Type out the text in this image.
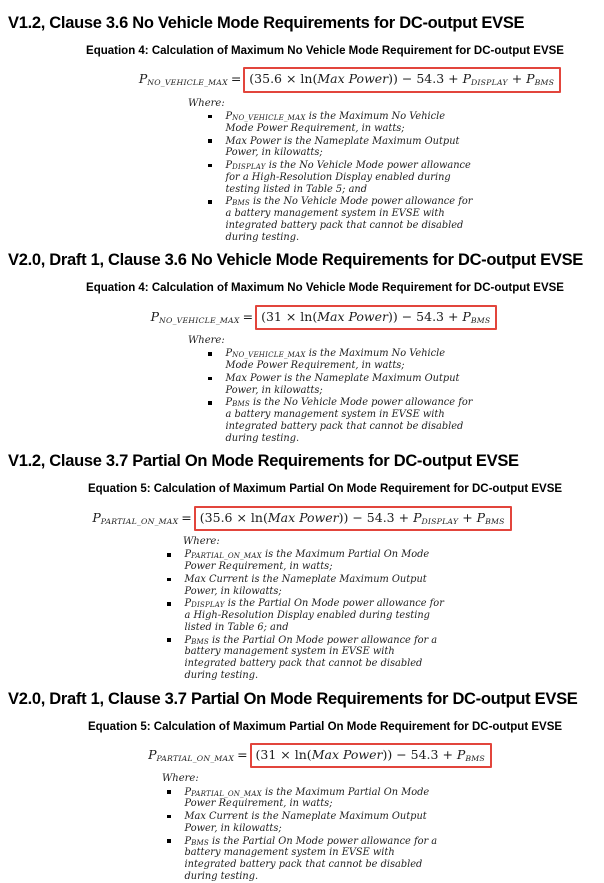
V1.2, Clause 3.6 No Vehicle Mode Requirements for DC-output EVSE
Equation 4: Calculation of Maximum No Vehicle Mode Requirement for DC-output EVSE
PNO_VEHICLE_MAX = (35.6 × ln(Max Power)) − 54.3 + PDISPLAY + PBMS
Where:
PNO_VEHICLE_MAX is the Maximum No Vehicle Mode Power Requirement, in watts;
Max Power is the Nameplate Maximum Output Power, in kilowatts;
PDISPLAY is the No Vehicle Mode power allowance for a High-Resolution Display enabled during testing listed in Table 5; and
PBMS is the No Vehicle Mode power allowance for a battery management system in EVSE with integrated battery pack that cannot be disabled during testing.
V2.0, Draft 1, Clause 3.6 No Vehicle Mode Requirements for DC-output EVSE
Equation 4: Calculation of Maximum No Vehicle Mode Requirement for DC-output EVSE
PNO_VEHICLE_MAX = (31 × ln(Max Power)) − 54.3 + PBMS
Where:
PNO_VEHICLE_MAX is the Maximum No Vehicle Mode Power Requirement, in watts;
Max Power is the Nameplate Maximum Output Power, in kilowatts;
PBMS is the No Vehicle Mode power allowance for a battery management system in EVSE with integrated battery pack that cannot be disabled during testing.
V1.2, Clause 3.7 Partial On Mode Requirements for DC-output EVSE
Equation 5: Calculation of Maximum Partial On Mode Requirement for DC-output EVSE
PPARTIAL_ON_MAX = (35.6 × ln(Max Power)) − 54.3 + PDISPLAY + PBMS
Where:
PPARTIAL_ON_MAX is the Maximum Partial On Mode Power Requirement, in watts;
Max Current is the Nameplate Maximum Output Power, in kilowatts;
PDISPLAY is the Partial On Mode power allowance for a High-Resolution Display enabled during testing listed in Table 6; and
PBMS is the Partial On Mode power allowance for a battery management system in EVSE with integrated battery pack that cannot be disabled during testing.
V2.0, Draft 1, Clause 3.7 Partial On Mode Requirements for DC-output EVSE
Equation 5: Calculation of Maximum Partial On Mode Requirement for DC-output EVSE
PPARTIAL_ON_MAX = (31 × ln(Max Power)) − 54.3 + PBMS
Where:
PPARTIAL_ON_MAX is the Maximum Partial On Mode Power Requirement, in watts;
Max Current is the Nameplate Maximum Output Power, in kilowatts;
PBMS is the Partial On Mode power allowance for a battery management system in EVSE with integrated battery pack that cannot be disabled during testing.
